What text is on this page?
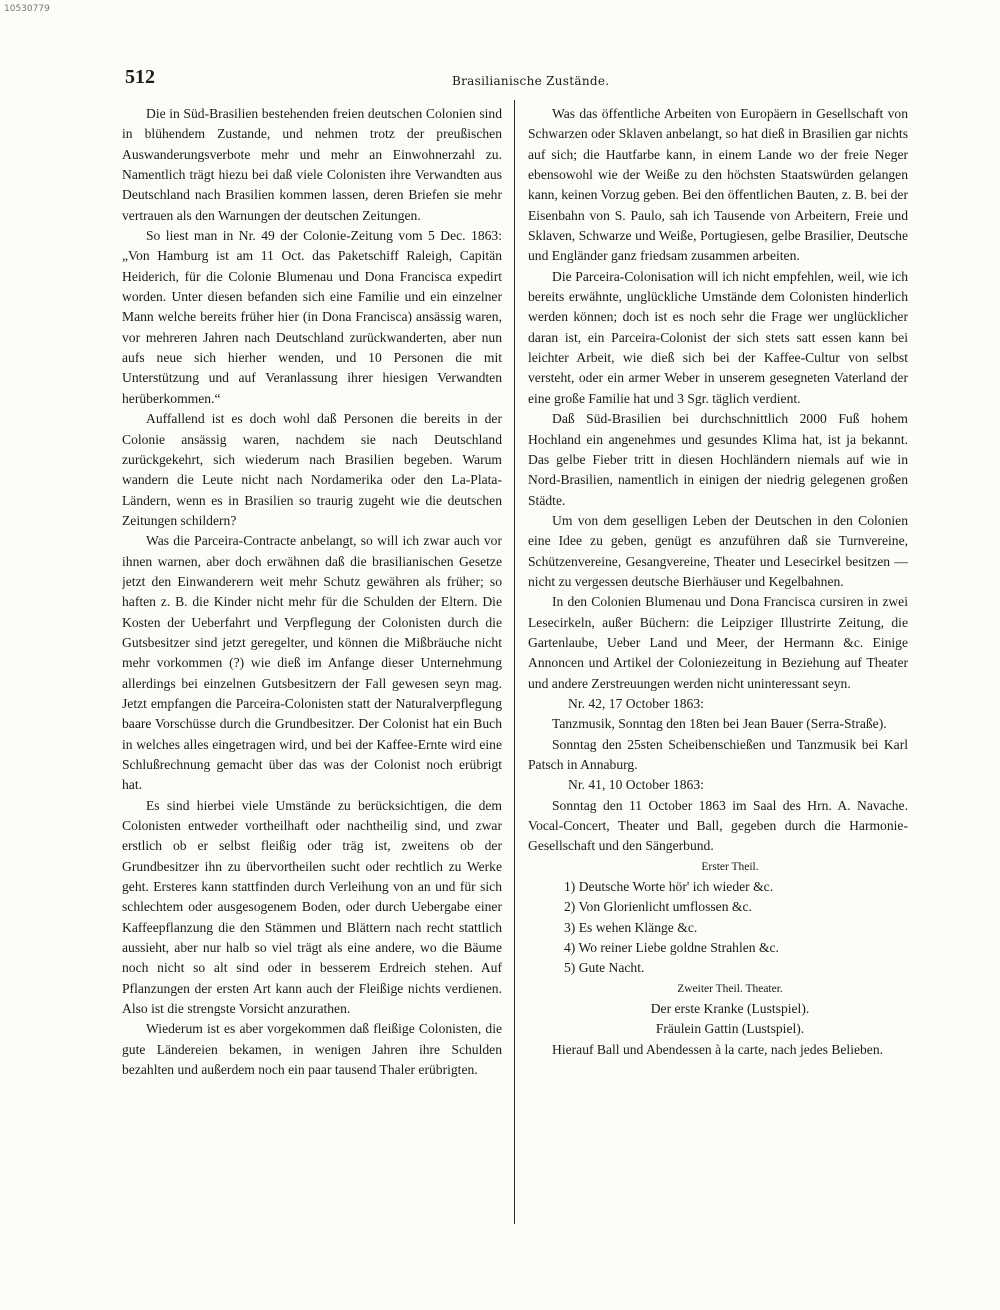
10530779
512	Brasilianische Zustände.

Die in Süd-Brasilien bestehenden freien deutschen Colonien sind in blühendem Zustande, und nehmen trotz der preußischen Auswanderungsverbote mehr und mehr an Einwohnerzahl zu. Namentlich trägt hiezu bei daß viele Colonisten ihre Verwandten aus Deutschland nach Brasilien kommen lassen, deren Briefen sie mehr vertrauen als den Warnungen der deutschen Zeitungen.

So liest man in Nr. 49 der Colonie-Zeitung vom 5 Dec. 1863: „Von Hamburg ist am 11 Oct. das Paketschiff Raleigh, Capitän Heiderich, für die Colonie Blumenau und Dona Francisca expedirt worden. Unter diesen befanden sich eine Familie und ein einzelner Mann welche bereits früher hier (in Dona Francisca) ansässig waren, vor mehreren Jahren nach Deutschland zurückwanderten, aber nun aufs neue sich hierher wenden, und 10 Personen die mit Unterstützung und auf Veranlassung ihrer hiesigen Verwandten herüberkommen.“

Auffallend ist es doch wohl daß Personen die bereits in der Colonie ansässig waren, nachdem sie nach Deutschland zurückgekehrt, sich wiederum nach Brasilien begeben. Warum wandern die Leute nicht nach Nordamerika oder den La-Plata-Ländern, wenn es in Brasilien so traurig zugeht wie die deutschen Zeitungen schildern?

Was die Parceira-Contracte anbelangt, so will ich zwar auch vor ihnen warnen, aber doch erwähnen daß die brasilianischen Gesetze jetzt den Einwanderern weit mehr Schutz gewähren als früher; so haften z. B. die Kinder nicht mehr für die Schulden der Eltern. Die Kosten der Ueberfahrt und Verpflegung der Colonisten durch die Gutsbesitzer sind jetzt geregelter, und können die Mißbräuche nicht mehr vorkommen (?) wie dieß im Anfange dieser Unternehmung allerdings bei einzelnen Gutsbesitzern der Fall gewesen seyn mag. Jetzt empfangen die Parceira-Colonisten statt der Naturalverpflegung baare Vorschüsse durch die Grundbesitzer. Der Colonist hat ein Buch in welches alles eingetragen wird, und bei der Kaffee-Ernte wird eine Schlußrechnung gemacht über das was der Colonist noch erübrigt hat.

Es sind hierbei viele Umstände zu berücksichtigen, die dem Colonisten entweder vortheilhaft oder nachtheilig sind, und zwar erstlich ob er selbst fleißig oder träg ist, zweitens ob der Grundbesitzer ihn zu übervortheilen sucht oder rechtlich zu Werke geht. Ersteres kann stattfinden durch Verleihung von an und für sich schlechtem oder ausgesogenem Boden, oder durch Uebergabe einer Kaffeepflanzung die den Stämmen und Blättern nach recht stattlich aussieht, aber nur halb so viel trägt als eine andere, wo die Bäume noch nicht so alt sind oder in besserem Erdreich stehen. Auf Pflanzungen der ersten Art kann auch der Fleißige nichts verdienen. Also ist die strengste Vorsicht anzurathen.

Wiederum ist es aber vorgekommen daß fleißige Colonisten, die gute Ländereien bekamen, in wenigen Jahren ihre Schulden bezahlten und außerdem noch ein paar tausend Thaler erübrigten.

Was das öffentliche Arbeiten von Europäern in Gesellschaft von Schwarzen oder Sklaven anbelangt, so hat dieß in Brasilien gar nichts auf sich; die Hautfarbe kann, in einem Lande wo der freie Neger ebensowohl wie der Weiße zu den höchsten Staatswürden gelangen kann, keinen Vorzug geben. Bei den öffentlichen Bauten, z. B. bei der Eisenbahn von S. Paulo, sah ich Tausende von Arbeitern, Freie und Sklaven, Schwarze und Weiße, Portugiesen, gelbe Brasilier, Deutsche und Engländer ganz friedsam zusammen arbeiten.

Die Parceira-Colonisation will ich nicht empfehlen, weil, wie ich bereits erwähnte, unglückliche Umstände dem Colonisten hinderlich werden können; doch ist es noch sehr die Frage wer unglücklicher daran ist, ein Parceira-Colonist der sich stets satt essen kann bei leichter Arbeit, wie dieß sich bei der Kaffee-Cultur von selbst versteht, oder ein armer Weber in unserem gesegneten Vaterland der eine große Familie hat und 3 Sgr. täglich verdient.

Daß Süd-Brasilien bei durchschnittlich 2000 Fuß hohem Hochland ein angenehmes und gesundes Klima hat, ist ja bekannt. Das gelbe Fieber tritt in diesen Hochländern niemals auf wie in Nord-Brasilien, namentlich in einigen der niedrig gelegenen großen Städte.

Um von dem geselligen Leben der Deutschen in den Colonien eine Idee zu geben, genügt es anzuführen daß sie Turnvereine, Schützenvereine, Gesangvereine, Theater und Lesecirkel besitzen — nicht zu vergessen deutsche Bierhäuser und Kegelbahnen.

In den Colonien Blumenau und Dona Francisca cursiren in zwei Lesecirkeln, außer Büchern: die Leipziger Illustrirte Zeitung, die Gartenlaube, Ueber Land und Meer, der Hermann &c. Einige Annoncen und Artikel der Coloniezeitung in Beziehung auf Theater und andere Zerstreuungen werden nicht uninteressant seyn.

Nr. 42, 17 October 1863:

Tanzmusik, Sonntag den 18ten bei Jean Bauer (Serra-Straße).

Sonntag den 25sten Scheibenschießen und Tanzmusik bei Karl Patsch in Annaburg.

Nr. 41, 10 October 1863:

Sonntag den 11 October 1863 im Saal des Hrn. A. Navache. Vocal-Concert, Theater und Ball, gegeben durch die Harmonie-Gesellschaft und den Sängerbund.

Erster Theil.

1) Deutsche Worte hör' ich wieder &c.
2) Von Glorienlicht umflossen &c.
3) Es wehen Klänge &c.
4) Wo reiner Liebe goldne Strahlen &c.
5) Gute Nacht.

Zweiter Theil. Theater.

Der erste Kranke (Lustspiel).

Fräulein Gattin (Lustspiel).

Hierauf Ball und Abendessen à la carte, nach jedes Belieben.
